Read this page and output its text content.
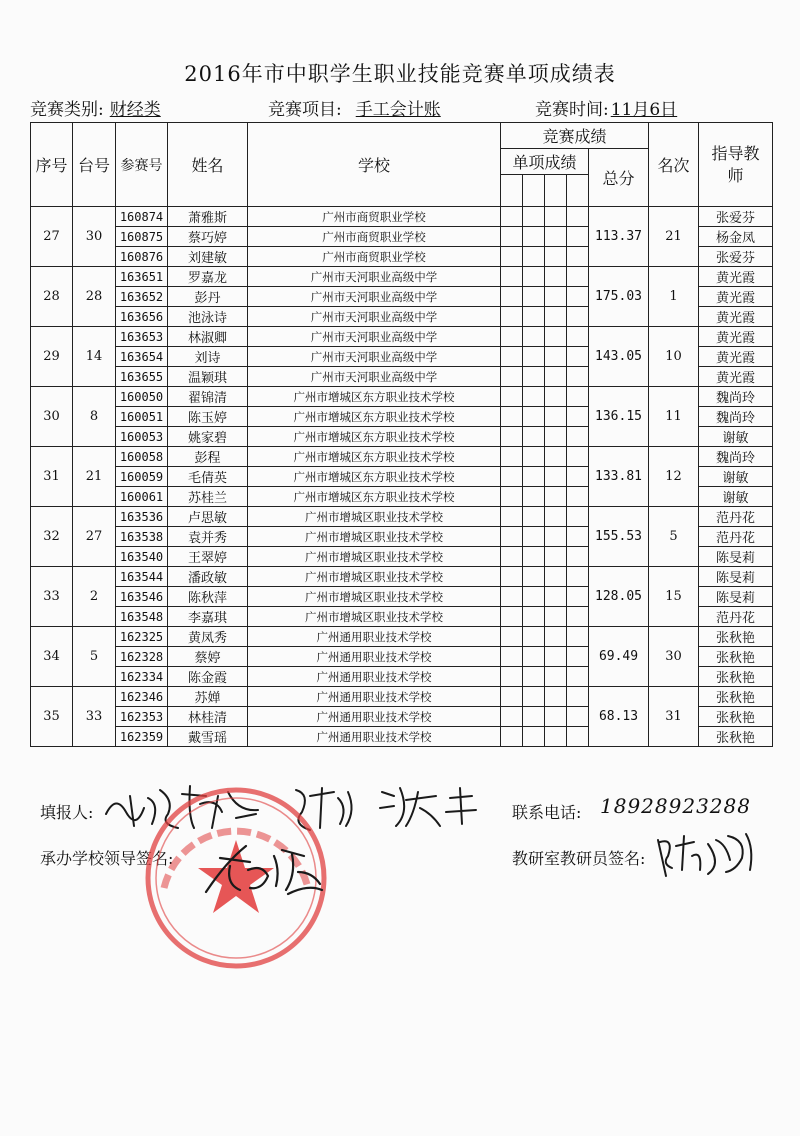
2016年市中职学生职业技能竞赛单项成绩表
竞赛类别: 财经类	竞赛项目: 手工会计账	竞赛时间: 11月6日
序号	台号	参赛号	姓名	学校	竞赛成绩					名次	指导教师
					单项成绩				总分		

27	30	160874	萧雅斯	广州市商贸职业学校					113.37	21	张爱芬
		160875	蔡巧婷	广州市商贸职业学校							杨金凤
		160876	刘建敏	广州市商贸职业学校							张爱芬
28	28	163651	罗嘉龙	广州市天河职业高级中学					175.03	1	黄光霞
		163652	彭丹	广州市天河职业高级中学							黄光霞
		163656	池泳诗	广州市天河职业高级中学							黄光霞
29	14	163653	林淑卿	广州市天河职业高级中学					143.05	10	黄光霞
		163654	刘诗	广州市天河职业高级中学							黄光霞
		163655	温颖琪	广州市天河职业高级中学							黄光霞
30	8	160050	翟锦清	广州市增城区东方职业技术学校					136.15	11	魏尚玲
		160051	陈玉婷	广州市增城区东方职业技术学校							魏尚玲
		160053	姚家碧	广州市增城区东方职业技术学校							谢敏
31	21	160058	彭程	广州市增城区东方职业技术学校					133.81	12	魏尚玲
		160059	毛倩英	广州市增城区东方职业技术学校							谢敏
		160061	苏桂兰	广州市增城区东方职业技术学校							谢敏
32	27	163536	卢思敏	广州市增城区职业技术学校					155.53	5	范丹花
		163538	袁并秀	广州市增城区职业技术学校							范丹花
		163540	王翠婷	广州市增城区职业技术学校							陈旻莉
33	2	163544	潘政敏	广州市增城区职业技术学校					128.05	15	陈旻莉
		163546	陈秋萍	广州市增城区职业技术学校							陈旻莉
		163548	李嘉琪	广州市增城区职业技术学校							范丹花
34	5	162325	黄凤秀	广州通用职业技术学校					69.49	30	张秋艳
		162328	蔡婷	广州通用职业技术学校							张秋艳
		162334	陈金霞	广州通用职业技术学校							张秋艳
35	33	162346	苏婵	广州通用职业技术学校					68.13	31	张秋艳
		162353	林桂清	广州通用职业技术学校							张秋艳
		162359	戴雪瑶	广州通用职业技术学校							张秋艳
填报人:	联系电话: 18928923288
承办学校领导签名:	教研室教研员签名:
